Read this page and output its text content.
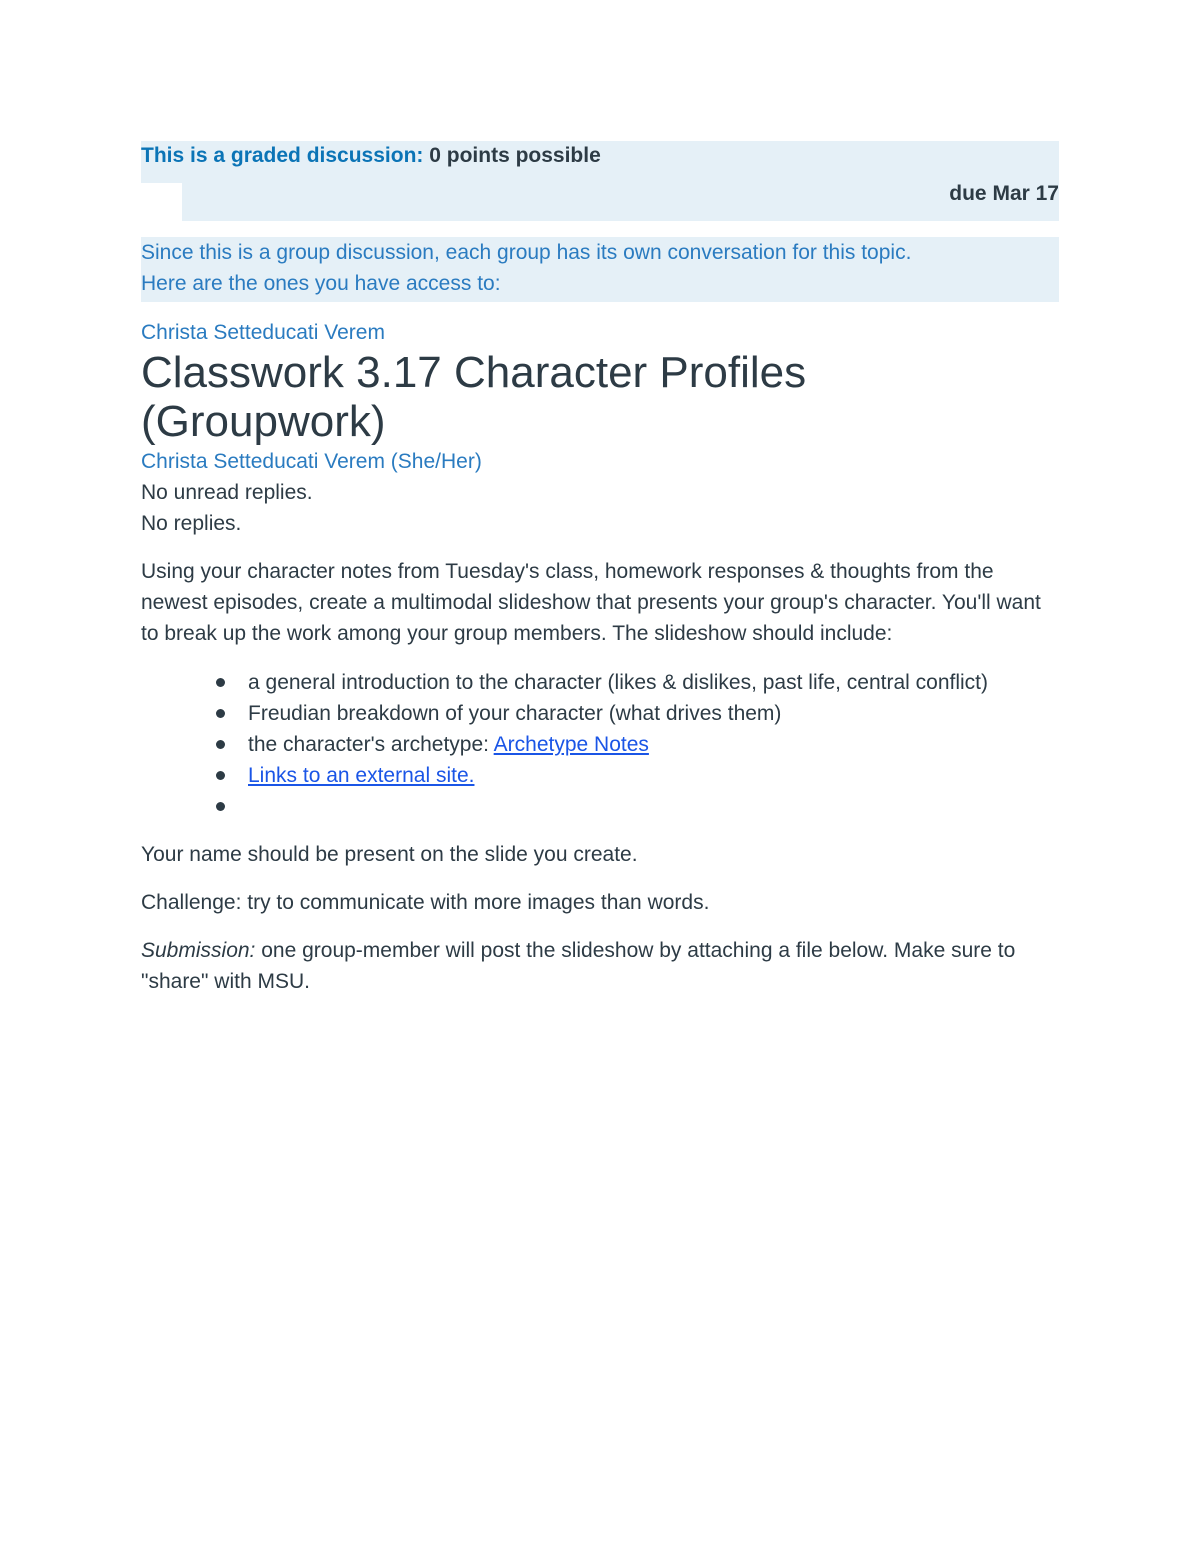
This is a graded discussion: 0 points possible
due Mar 17
Since this is a group discussion, each group has its own conversation for this topic.
Here are the ones you have access to:
Christa Setteducati Verem
Classwork 3.17 Character Profiles (Groupwork)
Christa Setteducati Verem (She/Her)
No unread replies.
No replies.

Using your character notes from Tuesday's class, homework responses & thoughts from the newest episodes, create a multimodal slideshow that presents your group's character. You'll want to break up the work among your group members. The slideshow should include:

a general introduction to the character (likes & dislikes, past life, central conflict)
Freudian breakdown of your character (what drives them)
the character's archetype: Archetype Notes
Links to an external site.

Your name should be present on the slide you create.

Challenge: try to communicate with more images than words.

Submission: one group-member will post the slideshow by attaching a file below. Make sure to "share" with MSU.
